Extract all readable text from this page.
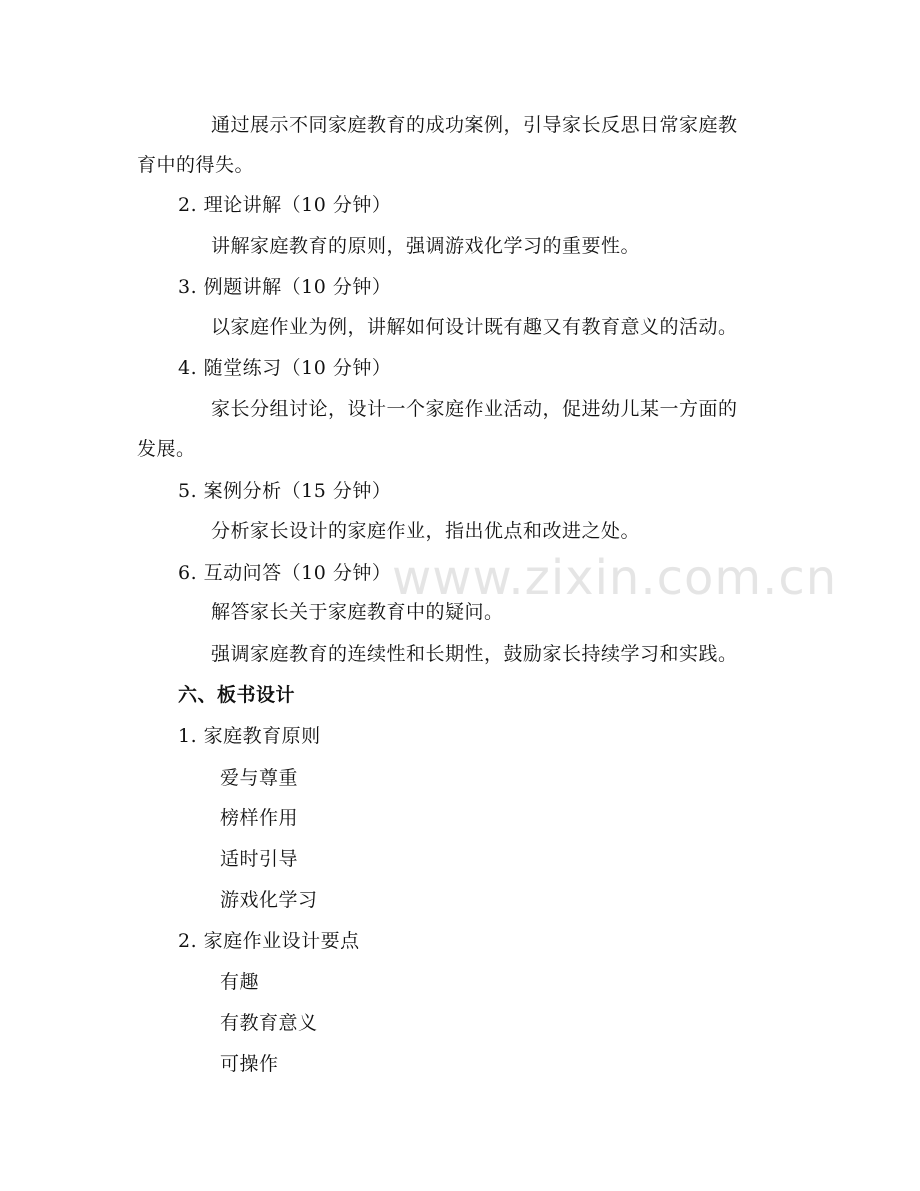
通过展示不同家庭教育的成功案例，引导家长反思日常家庭教
育中的得失。
2. 理论讲解（10 分钟）
讲解家庭教育的原则，强调游戏化学习的重要性。
3. 例题讲解（10 分钟）
以家庭作业为例，讲解如何设计既有趣又有教育意义的活动。
4. 随堂练习（10 分钟）
家长分组讨论，设计一个家庭作业活动，促进幼儿某一方面的
发展。
5. 案例分析（15 分钟）
分析家长设计的家庭作业，指出优点和改进之处。
6. 互动问答（10 分钟）
解答家长关于家庭教育中的疑问。
强调家庭教育的连续性和长期性，鼓励家长持续学习和实践。
六、板书设计
1. 家庭教育原则
爱与尊重
榜样作用
适时引导
游戏化学习
2. 家庭作业设计要点
有趣
有教育意义
可操作
www.zixin.com.cn
